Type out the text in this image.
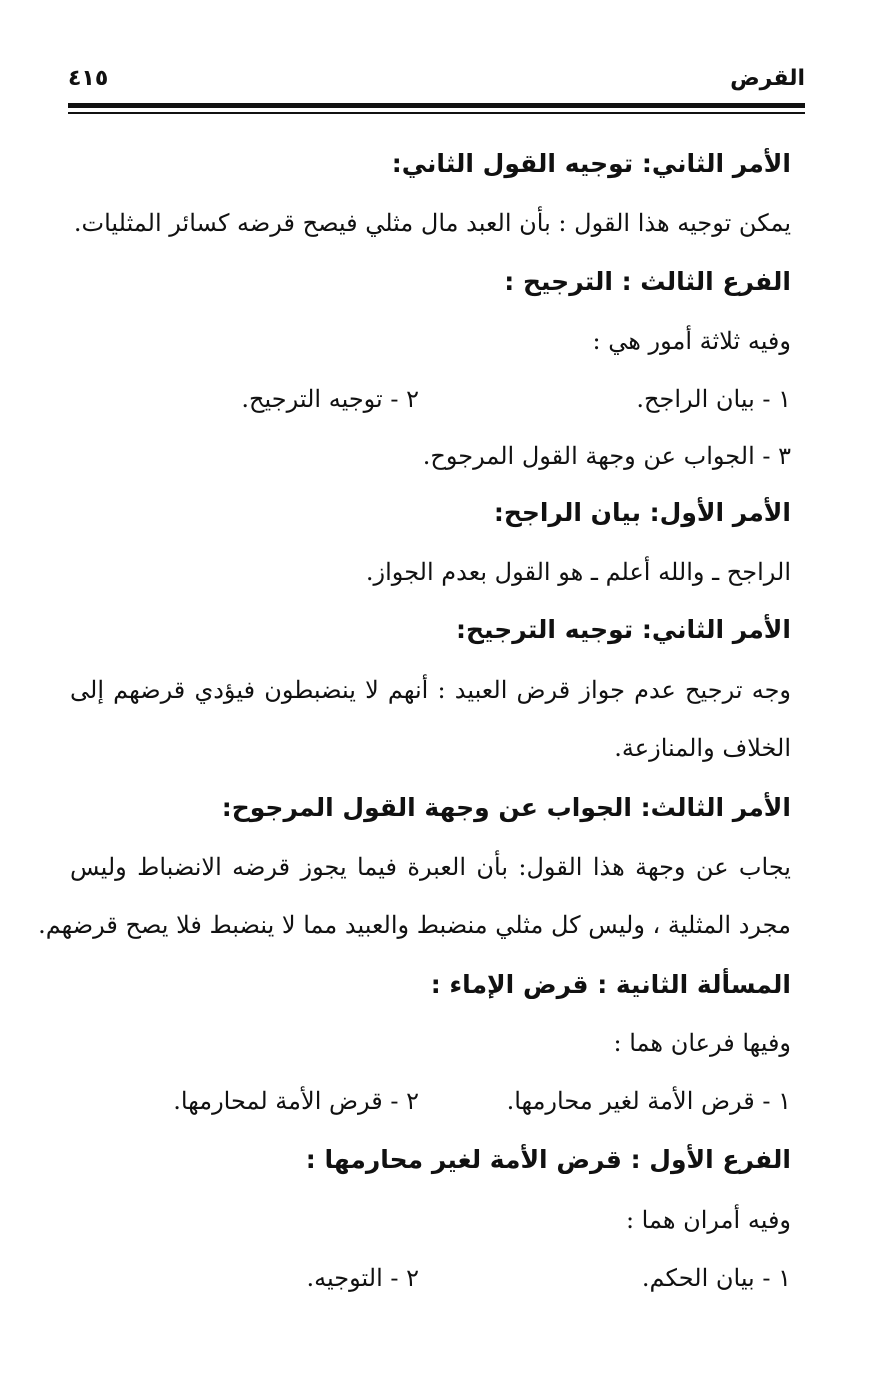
القرض
٤١٥
الأمر الثاني: توجيه القول الثاني:
يمكن توجيه هذا القول : بأن العبد مال مثلي فيصح قرضه كسائر المثليات.
الفرع الثالث : الترجيح :
وفيه ثلاثة أمور هي :
١ - بيان الراجح.
٢ - توجيه الترجيح.
٣ - الجواب عن وجهة القول المرجوح.
الأمر الأول: بيان الراجح:
الراجح ـ والله أعلم ـ هو القول بعدم الجواز.
الأمر الثاني: توجيه الترجيح:
وجه ترجيح عدم جواز قرض العبيد : أنهم لا ينضبطون فيؤدي قرضهم إلى
الخلاف والمنازعة.
الأمر الثالث: الجواب عن وجهة القول المرجوح:
يجاب عن وجهة هذا القول: بأن العبرة فيما يجوز قرضه الانضباط وليس
مجرد المثلية ، وليس كل مثلي منضبط والعبيد مما لا ينضبط فلا يصح قرضهم.
المسألة الثانية : قرض الإماء :
وفيها فرعان هما :
١ - قرض الأمة لغير محارمها.
٢ - قرض الأمة لمحارمها.
الفرع الأول : قرض الأمة لغير محارمها :
وفيه أمران هما :
١ - بيان الحكم.
٢ - التوجيه.
